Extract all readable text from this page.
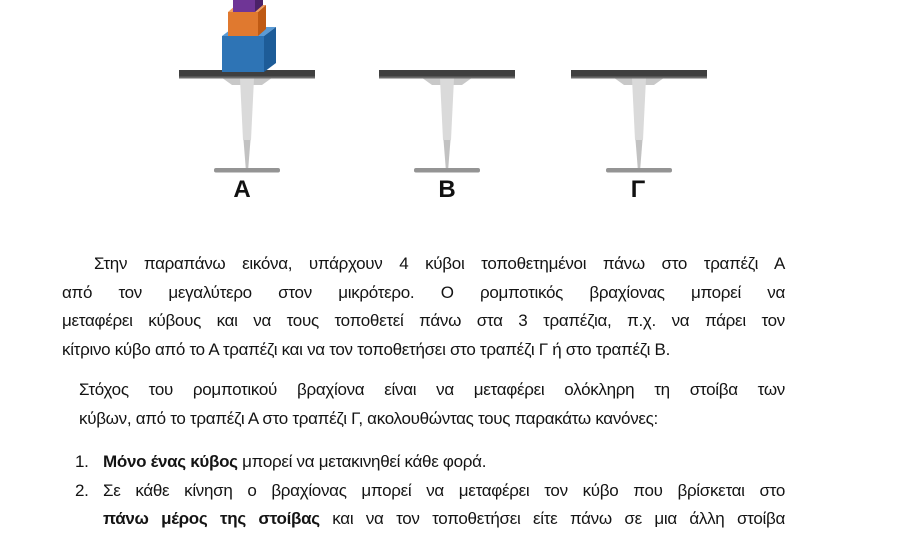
A	B	Γ
Στην παραπάνω εικόνα, υπάρχουν 4 κύβοι τοποθετημένοι πάνω στο τραπέζι Α
από τον μεγαλύτερο στον μικρότερο. Ο ρομποτικός βραχίονας μπορεί να
μεταφέρει κύβους και να τους τοποθετεί πάνω στα 3 τραπέζια, π.χ. να πάρει τον
κίτρινο κύβο από το Α τραπέζι και να τον τοποθετήσει στο τραπέζι Γ ή στο τραπέζι Β.
Στόχος του ρομποτικού βραχίονα είναι να μεταφέρει ολόκληρη τη στοίβα των
κύβων, από το τραπέζι Α στο τραπέζι Γ, ακολουθώντας τους παρακάτω κανόνες:
1. Μόνο ένας κύβος μπορεί να μετακινηθεί κάθε φορά.
2. Σε κάθε κίνηση ο βραχίονας μπορεί να μεταφέρει τον κύβο που βρίσκεται στο
πάνω μέρος της στοίβας και να τον τοποθετήσει είτε πάνω σε μια άλλη στοίβα
